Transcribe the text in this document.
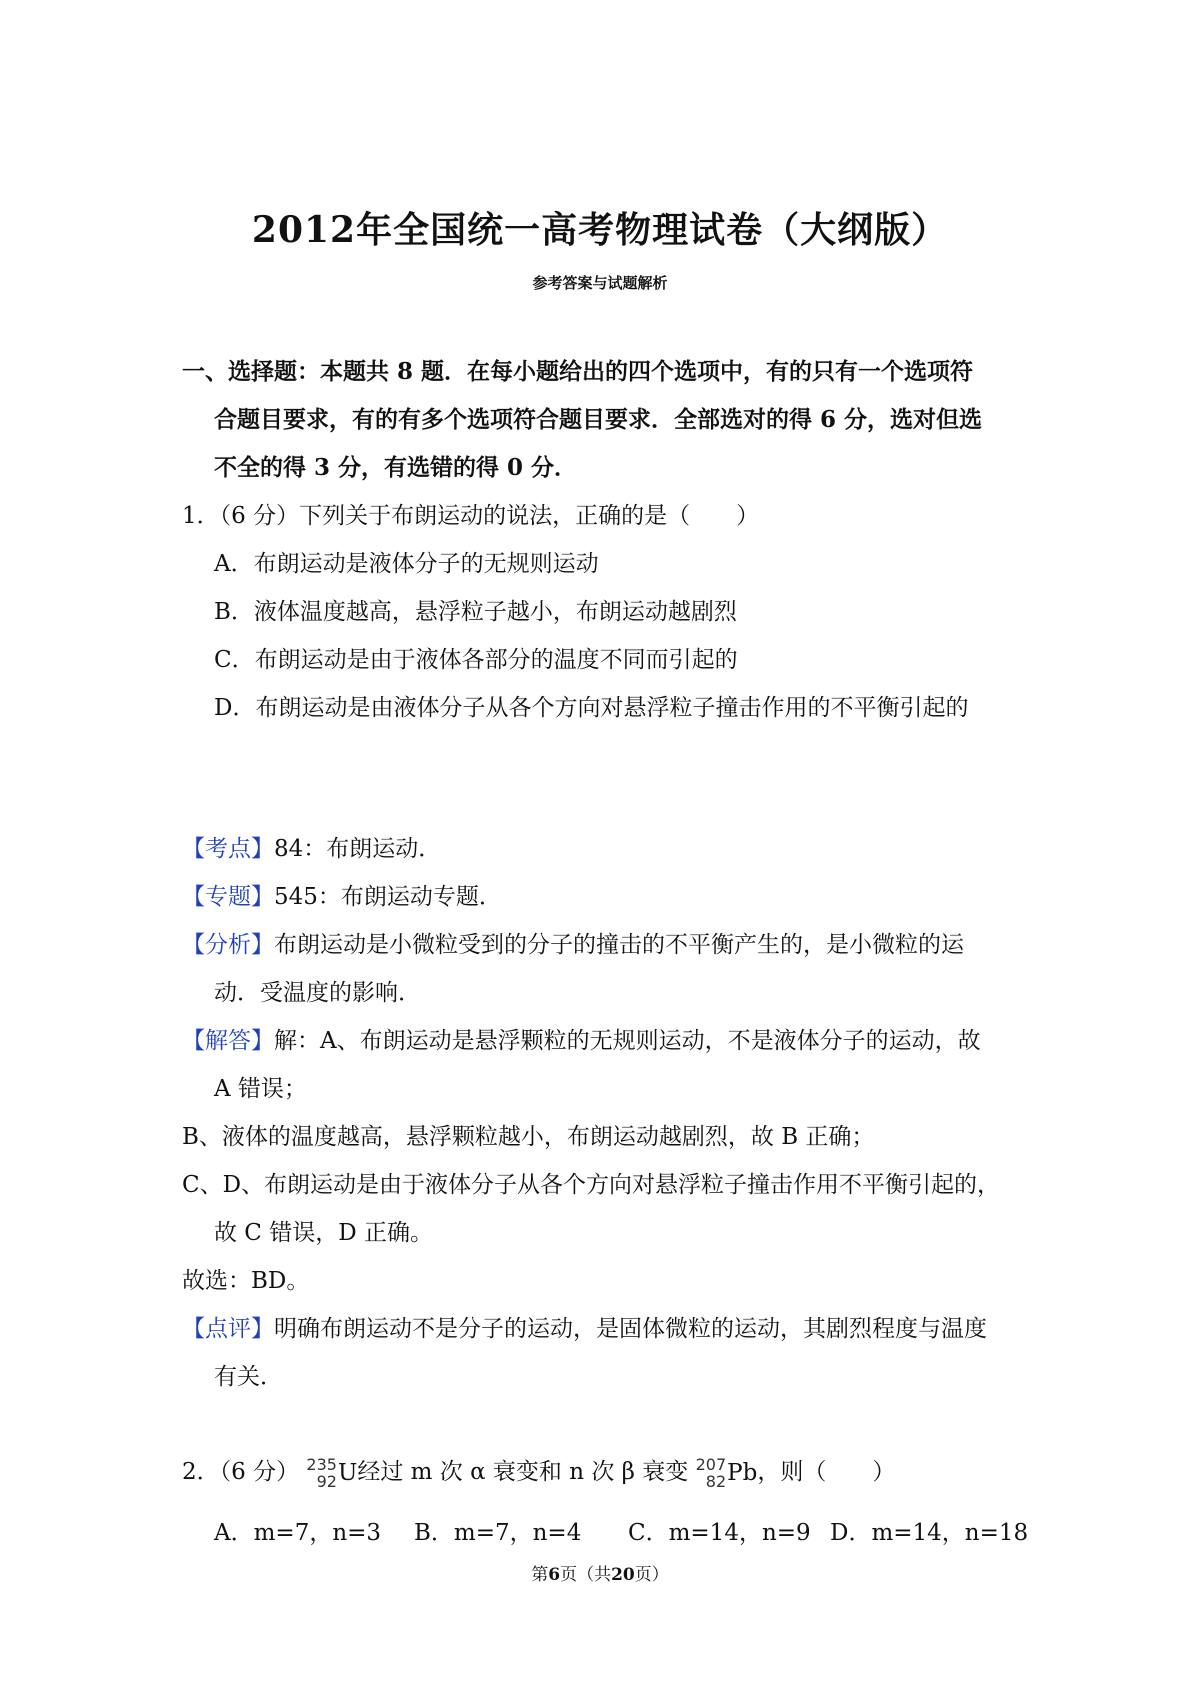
2012年全国统一高考物理试卷（大纲版）
参考答案与试题解析
一、选择题：本题共 8 题．在每小题给出的四个选项中，有的只有一个选项符
合题目要求，有的有多个选项符合题目要求．全部选对的得 6 分，选对但选
不全的得 3 分，有选错的得 0 分．
1．（6 分）下列关于布朗运动的说法，正确的是（　　）
A．布朗运动是液体分子的无规则运动
B．液体温度越高，悬浮粒子越小，布朗运动越剧烈
C．布朗运动是由于液体各部分的温度不同而引起的
D．布朗运动是由液体分子从各个方向对悬浮粒子撞击作用的不平衡引起的
【考点】84：布朗运动．
【专题】545：布朗运动专题．
【分析】布朗运动是小微粒受到的分子的撞击的不平衡产生的，是小微粒的运
动．受温度的影响．
【解答】解：A、布朗运动是悬浮颗粒的无规则运动，不是液体分子的运动，故
A 错误；
B、液体的温度越高，悬浮颗粒越小，布朗运动越剧烈，故 B 正确；
C、D、布朗运动是由于液体分子从各个方向对悬浮粒子撞击作用不平衡引起的，
故 C 错误，D 正确。
故选：BD。
【点评】明确布朗运动不是分子的运动，是固体微粒的运动，其剧烈程度与温度
有关．
2．（6 分） 235
92 U 经过 m 次 α 衰变和 n 次 β 衰变 207
82 Pb ，则（　　）
A．m=7，n=3 B．m=7，n=4 C．m=14，n=9 D．m=14，n=18
第6页（共20页）
